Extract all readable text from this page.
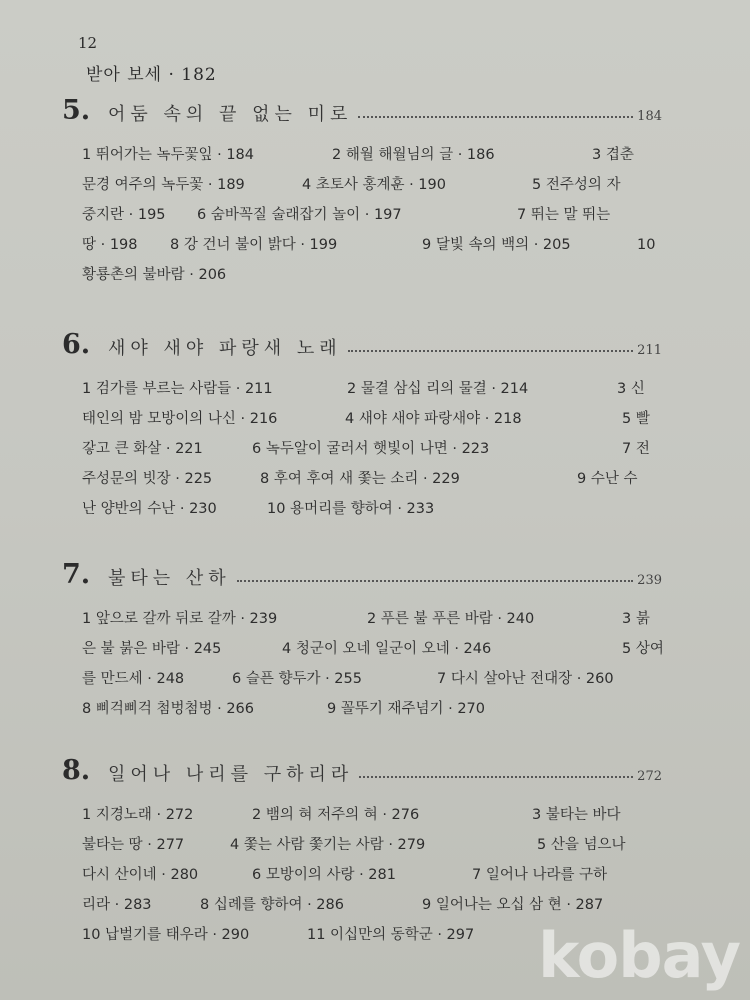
12
받아 보세 · 182
5. 어둠 속의 끝 없는 미로	184
1 뛰어가는 녹두꽃잎 · 184	2 해월 해월님의 글 · 186	3 겹춘
문경 여주의 녹두꽃 · 189	4 초토사 홍계훈 · 190	5 전주성의 자
중지란 · 195 6 숨바꼭질 술래잡기 놀이 · 197	7 뛰는 말 뛰는
땅 · 198 8 강 건너 불이 밝다 · 199	9 달빛 속의 백의 · 205	10
황룡촌의 불바람 · 206
6. 새야 새야 파랑새 노래	211
1 검가를 부르는 사람들 · 211	2 물결 삼십 리의 물결 · 214	3 신
태인의 밤 모방이의 나신 · 216	4 새야 새야 파랑새야 · 218	5 빨
갛고 큰 화살 · 221	6 녹두알이 굴러서 햇빛이 나면 · 223	7 전
주성문의 빗장 · 225	8 후여 후여 새 쫓는 소리 · 229	9 수난 수
난 양반의 수난 · 230	10 용머리를 향하여 · 233
7. 불타는 산하	239
1 앞으로 갈까 뒤로 갈까 · 239	2 푸른 불 푸른 바람 · 240	3 붉
은 불 붉은 바람 · 245	4 청군이 오네 일군이 오네 · 246	5 상여
를 만드세 · 248	6 슬픈 향두가 · 255	7 다시 살아난 전대장 · 260
8 삐걱삐걱 첨벙첨벙 · 266	9 꼴뚜기 재주넘기 · 270
8. 일어나 나리를 구하리라	272
1 지경노래 · 272	2 뱀의 혀 저주의 혀 · 276	3 불타는 바다
불타는 땅 · 277	4 쫓는 사람 쫓기는 사람 · 279	5 산을 넘으나
다시 산이네 · 280	6 모방이의 사랑 · 281	7 일어나 나라를 구하
리라 · 283	8 십례를 향하여 · 286	9 일어나는 오십 삼 현 · 287
10 납벌기를 태우라 · 290	11 이십만의 동학군 · 297 kobay
